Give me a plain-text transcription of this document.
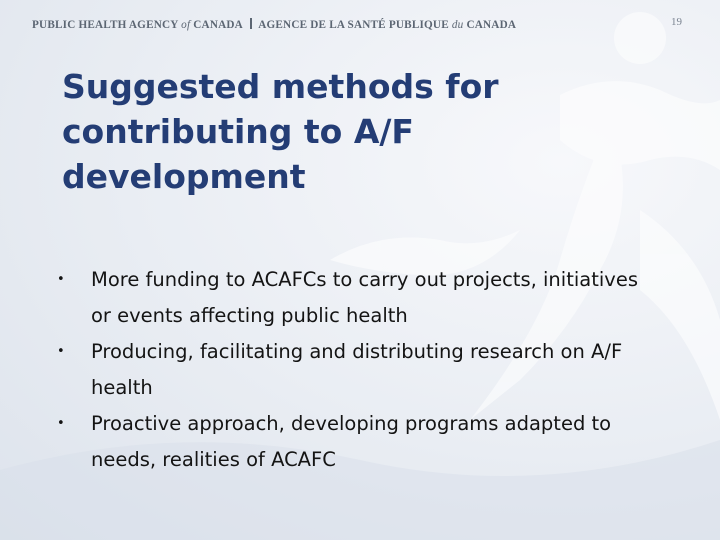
PUBLIC HEALTH AGENCY of CANADA AGENCE DE LA SANTÉ PUBLIQUE du CANADA	19
Suggested methods for contributing to A/F development
• More funding to ACAFCs to carry out projects, initiatives or events affecting public health
• Producing, facilitating and distributing research on A/F health
• Proactive approach, developing programs adapted to needs, realities of ACAFC
